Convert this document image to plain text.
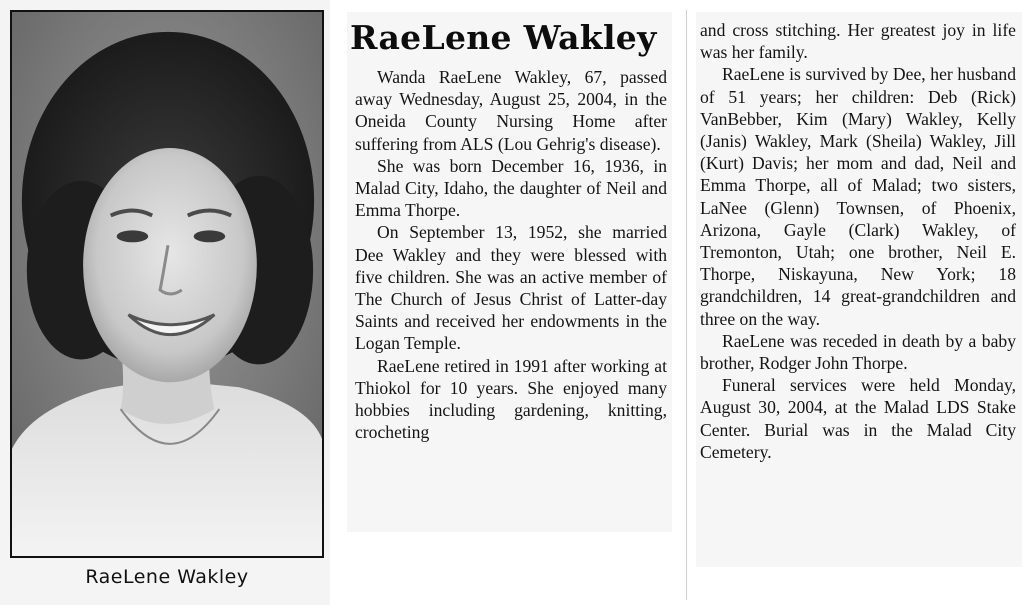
RaeLene Wakley
RaeLene Wakley

Wanda RaeLene Wakley, 67, passed away Wednesday, August 25, 2004, in the Oneida County Nursing Home after suffering from ALS (Lou Gehrig's disease).

She was born December 16, 1936, in Malad City, Idaho, the daughter of Neil and Emma Thorpe.

On September 13, 1952, she married Dee Wakley and they were blessed with five children. She was an active member of The Church of Jesus Christ of Latter-day Saints and received her endowments in the Logan Temple.

RaeLene retired in 1991 after working at Thiokol for 10 years. She enjoyed many hobbies including gardening, knitting, crocheting

and cross stitching. Her greatest joy in life was her family.

RaeLene is survived by Dee, her husband of 51 years; her children: Deb (Rick) VanBebber, Kim (Mary) Wakley, Kelly (Janis) Wakley, Mark (Sheila) Wakley, Jill (Kurt) Davis; her mom and dad, Neil and Emma Thorpe, all of Malad; two sisters, LaNee (Glenn) Townsen, of Phoenix, Arizona, Gayle (Clark) Wakley, of Tremonton, Utah; one brother, Neil E. Thorpe, Niskayuna, New York; 18 grandchildren, 14 great-grandchildren and three on the way.

RaeLene was receded in death by a baby brother, Rodger John Thorpe.

Funeral services were held Monday, August 30, 2004, at the Malad LDS Stake Center. Burial was in the Malad City Cemetery.
